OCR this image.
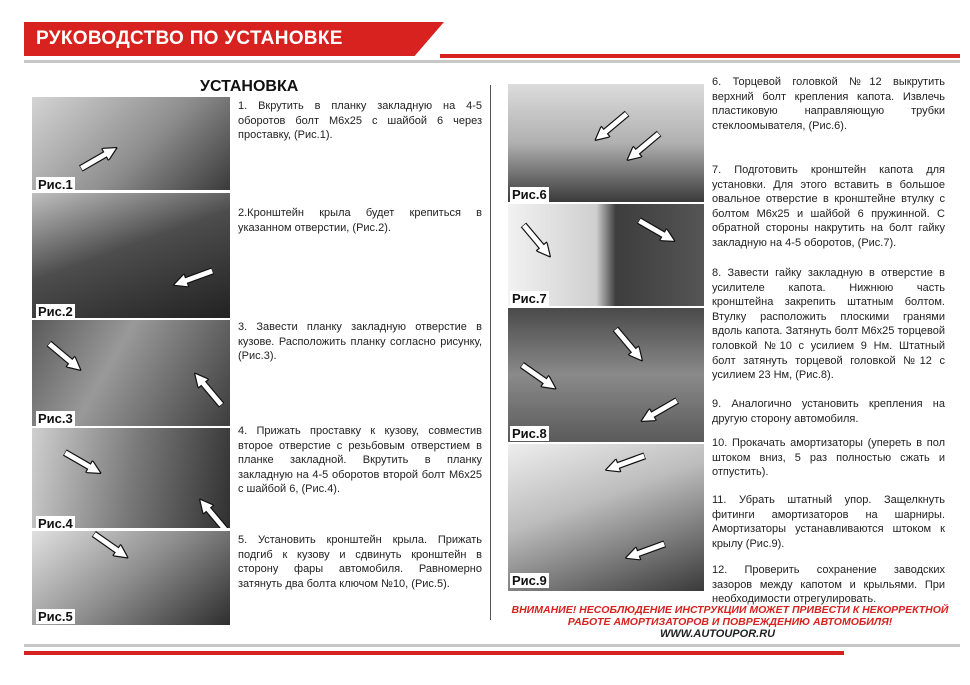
РУКОВОДСТВО ПО УСТАНОВКЕ
УСТАНОВКА
Рис.1
Рис.2
Рис.3
Рис.4
Рис.5
1. Вкрутить в планку закладную на 4-5 оборотов болт М6х25 с шайбой 6 через проставку, (Рис.1).
2.Кронштейн крыла будет крепиться в указанном отверстии, (Рис.2).
3. Завести планку закладную отверстие в кузове. Расположить планку согласно рисунку, (Рис.3).
4. Прижать проставку к кузову, совместив второе отверстие с резьбовым отверстием в планке закладной. Вкрутить в планку закладную на 4-5 оборотов второй болт М6х25 с шайбой 6, (Рис.4).
5. Установить кронштейн крыла. Прижать подгиб к кузову и сдвинуть кронштейн в сторону фары автомобиля. Равномерно затянуть два болта ключом №10, (Рис.5).
Рис.6
Рис.7
Рис.8
Рис.9
6. Торцевой головкой №12 выкрутить верхний болт крепления капота. Извлечь пластиковую направляющую трубки стеклоомывателя, (Рис.6).
7. Подготовить кронштейн капота для установки. Для этого вставить в большое овальное отверстие в кронштейне втулку с болтом М6х25 и шайбой 6 пружинной. С обратной стороны накрутить на болт гайку закладную на 4-5 оборотов, (Рис.7).
8. Завести гайку закладную в отверстие в усилителе капота. Нижнюю часть кронштейна закрепить штатным болтом. Втулку расположить плоскими гранями вдоль капота. Затянуть болт М6х25 торцевой головкой №10 с усилием 9 Нм. Штатный болт затянуть торцевой головкой №12 с усилием 23 Нм, (Рис.8).
9. Аналогично установить крепления на другую сторону автомобиля.
10. Прокачать амортизаторы (упереть в пол штоком вниз, 5 раз полностью сжать и отпустить).
11. Убрать штатный упор. Защелкнуть фитинги амортизаторов на шарниры. Амортизаторы устанавливаются штоком к крылу (Рис.9).
12. Проверить сохранение заводских зазоров между капотом и крыльями. При необходимости отрегулировать.
ВНИМАНИЕ! НЕСОБЛЮДЕНИЕ ИНСТРУКЦИИ МОЖЕТ ПРИВЕСТИ К НЕКОРРЕКТНОЙ
РАБОТЕ АМОРТИЗАТОРОВ И ПОВРЕЖДЕНИЮ АВТОМОБИЛЯ!
WWW.AUTOUPOR.RU
